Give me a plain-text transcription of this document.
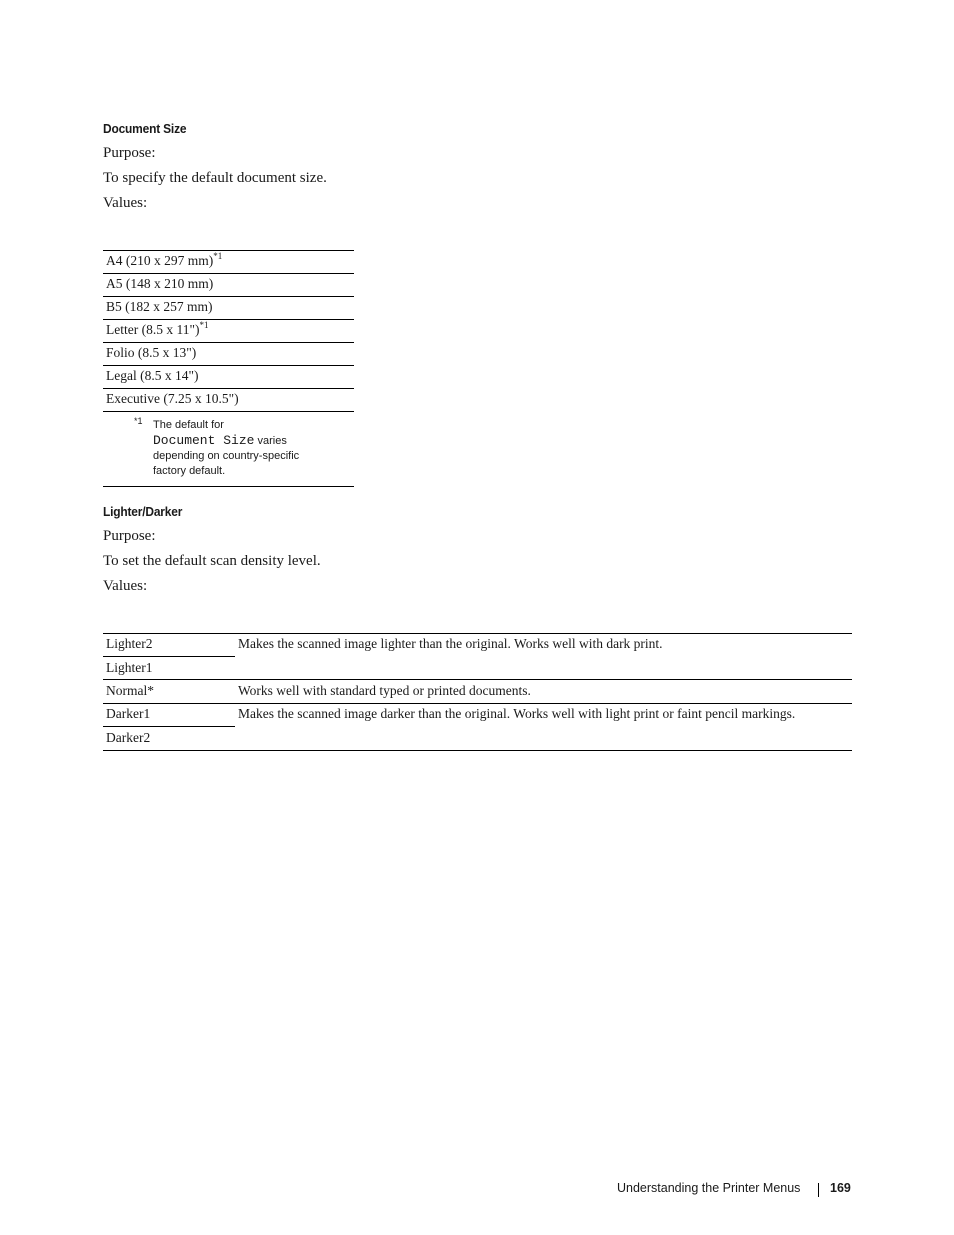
Document Size
Purpose:
To specify the default document size.
Values:
A4 (210 x 297 mm)$^{*1}$
A5 (148 x 210 mm)
B5 (182 x 257 mm)
Letter (8.5 x 11")$^{*1}$
Folio (8.5 x 13")
Legal (8.5 x 14")
Executive (7.25 x 10.5")
*1 The default for
Document Size varies
depending on country-specific
factory default.
Lighter/Darker
Purpose:
To set the default scan density level.
Values:
Lighter2	Makes the scanned image lighter than the original. Works well with dark print.
Lighter1
Normal*	Works well with standard typed or printed documents.
Darker1	Makes the scanned image darker than the original. Works well with light print or faint pencil markings.
Darker2
Understanding the Printer Menus 169
